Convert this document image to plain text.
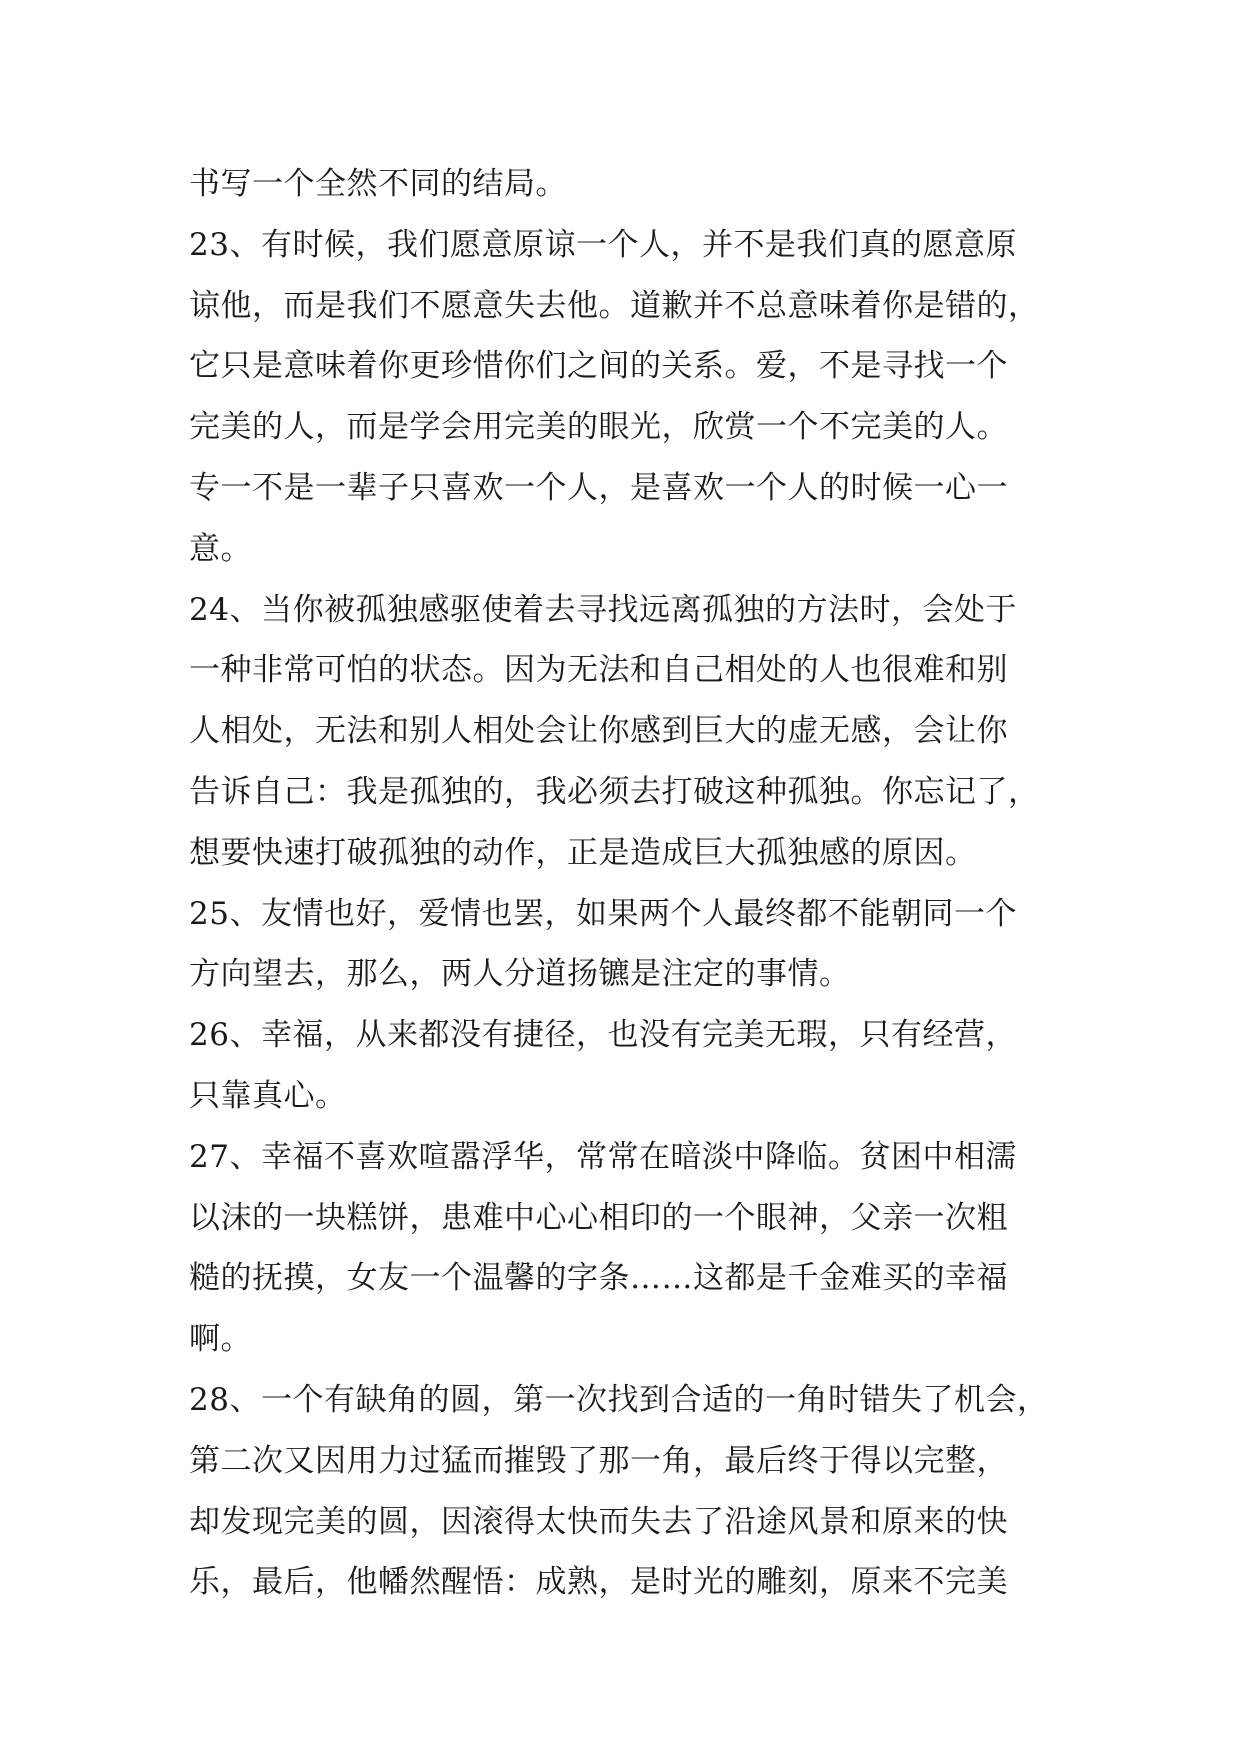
书写一个全然不同的结局。
23、有时候，我们愿意原谅一个人，并不是我们真的愿意原
谅他，而是我们不愿意失去他。道歉并不总意味着你是错的，
它只是意味着你更珍惜你们之间的关系。爱，不是寻找一个
完美的人，而是学会用完美的眼光，欣赏一个不完美的人。
专一不是一辈子只喜欢一个人，是喜欢一个人的时候一心一
意。
24、当你被孤独感驱使着去寻找远离孤独的方法时，会处于
一种非常可怕的状态。因为无法和自己相处的人也很难和别
人相处，无法和别人相处会让你感到巨大的虚无感，会让你
告诉自己：我是孤独的，我必须去打破这种孤独。你忘记了，
想要快速打破孤独的动作，正是造成巨大孤独感的原因。
25、友情也好，爱情也罢，如果两个人最终都不能朝同一个
方向望去，那么，两人分道扬镳是注定的事情。
26、幸福，从来都没有捷径，也没有完美无瑕，只有经营，
只靠真心。
27、幸福不喜欢喧嚣浮华，常常在暗淡中降临。贫困中相濡
以沫的一块糕饼，患难中心心相印的一个眼神，父亲一次粗
糙的抚摸，女友一个温馨的字条……这都是千金难买的幸福
啊。
28、一个有缺角的圆，第一次找到合适的一角时错失了机会，
第二次又因用力过猛而摧毁了那一角，最后终于得以完整，
却发现完美的圆，因滚得太快而失去了沿途风景和原来的快
乐，最后，他幡然醒悟：成熟，是时光的雕刻，原来不完美
